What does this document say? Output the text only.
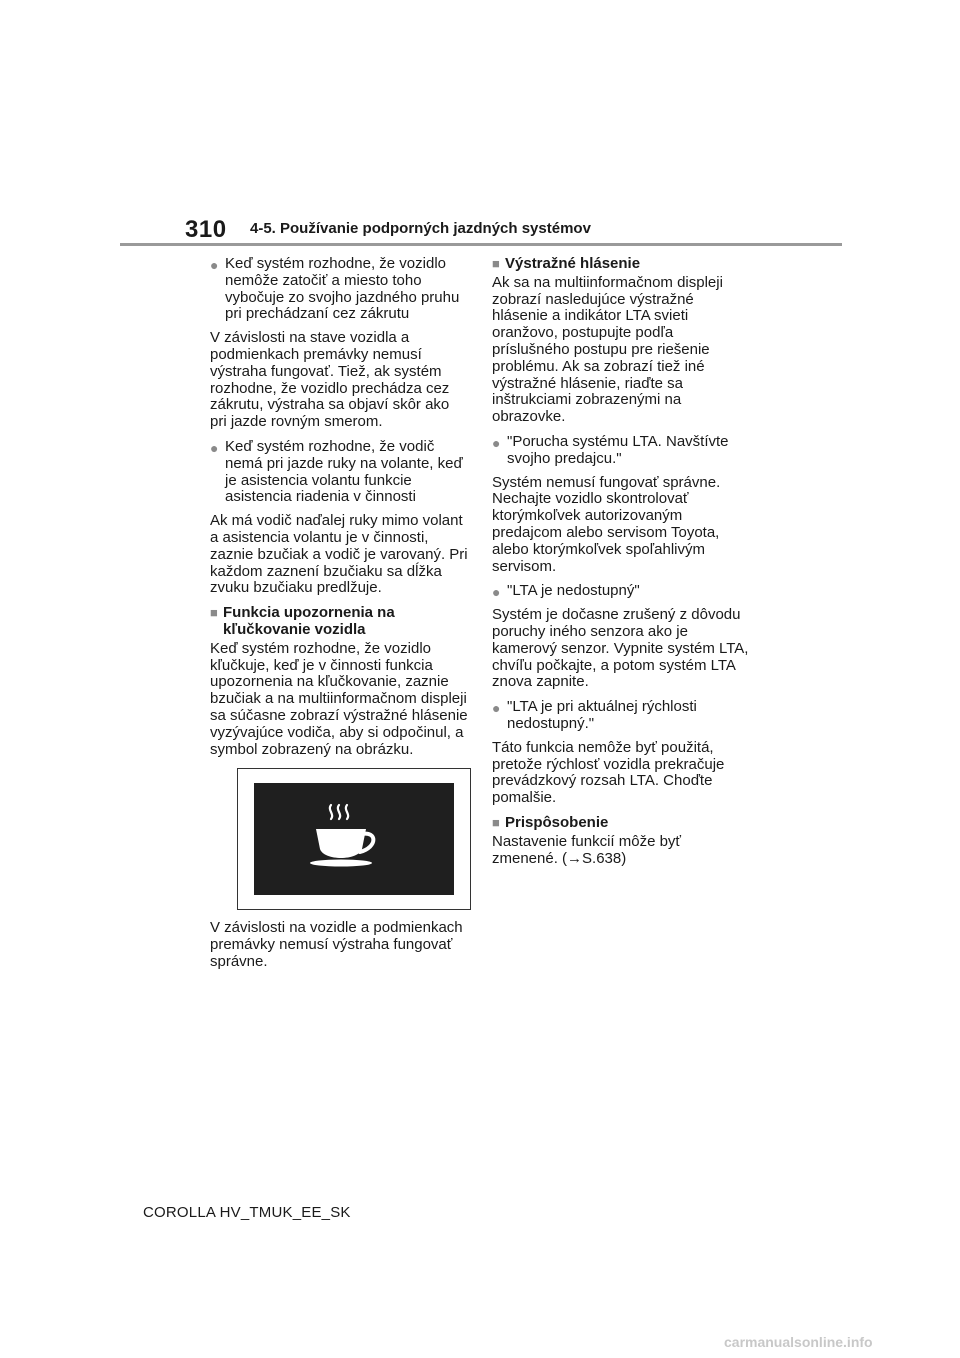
310 4-5. Používanie podporných jazdných systémov
● Keď systém rozhodne, že vozidlo nemôže zatočiť a miesto toho vybočuje zo svojho jazdného pruhu pri prechádzaní cez zákrutu

V závislosti na stave vozidla a podmienkach premávky nemusí výstraha fungovať. Tiež, ak systém rozhodne, že vozidlo prechádza cez zákrutu, výstraha sa objaví skôr ako pri jazde rovným smerom.

● Keď systém rozhodne, že vodič nemá pri jazde ruky na volante, keď je asistencia volantu funkcie asistencia riadenia v činnosti

Ak má vodič naďalej ruky mimo volant a asistencia volantu je v činnosti, zaznie bzučiak a vodič je varovaný. Pri každom zaznení bzučiaku sa dĺžka zvuku bzučiaku predlžuje.

■ Funkcia upozornenia na kľučkovanie vozidla

Keď systém rozhodne, že vozidlo kľučkuje, keď je v činnosti funkcia upozornenia na kľučkovanie, zaznie bzučiak a na multiinformačnom displeji sa súčasne zobrazí výstražné hlásenie vyzývajúce vodiča, aby si odpočinul, a symbol zobrazený na obrázku.

V závislosti na vozidle a podmienkach premávky nemusí výstraha fungovať správne.

■ Výstražné hlásenie

Ak sa na multiinformačnom displeji zobrazí nasledujúce výstražné hlásenie a indikátor LTA svieti oranžovo, postupujte podľa príslušného postupu pre riešenie problému. Ak sa zobrazí tiež iné výstražné hlásenie, riaďte sa inštrukciami zobrazenými na obrazovke.

● "Porucha systému LTA. Navštívte svojho predajcu."

Systém nemusí fungovať správne. Nechajte vozidlo skontrolovať ktorýmkoľvek autorizovaným predajcom alebo servisom Toyota, alebo ktorýmkoľvek spoľahlivým servisom.

● "LTA je nedostupný"

Systém je dočasne zrušený z dôvodu poruchy iného senzora ako je kamerový senzor. Vypnite systém LTA, chvíľu počkajte, a potom systém LTA znova zapnite.

● "LTA je pri aktuálnej rýchlosti nedostupný."

Táto funkcia nemôže byť použitá, pretože rýchlosť vozidla prekračuje prevádzkový rozsah LTA. Choďte pomalšie.

■ Prispôsobenie

Nastavenie funkcií môže byť zmenené. (→S.638)

COROLLA HV_TMUK_EE_SK
carmanualsonline.info
